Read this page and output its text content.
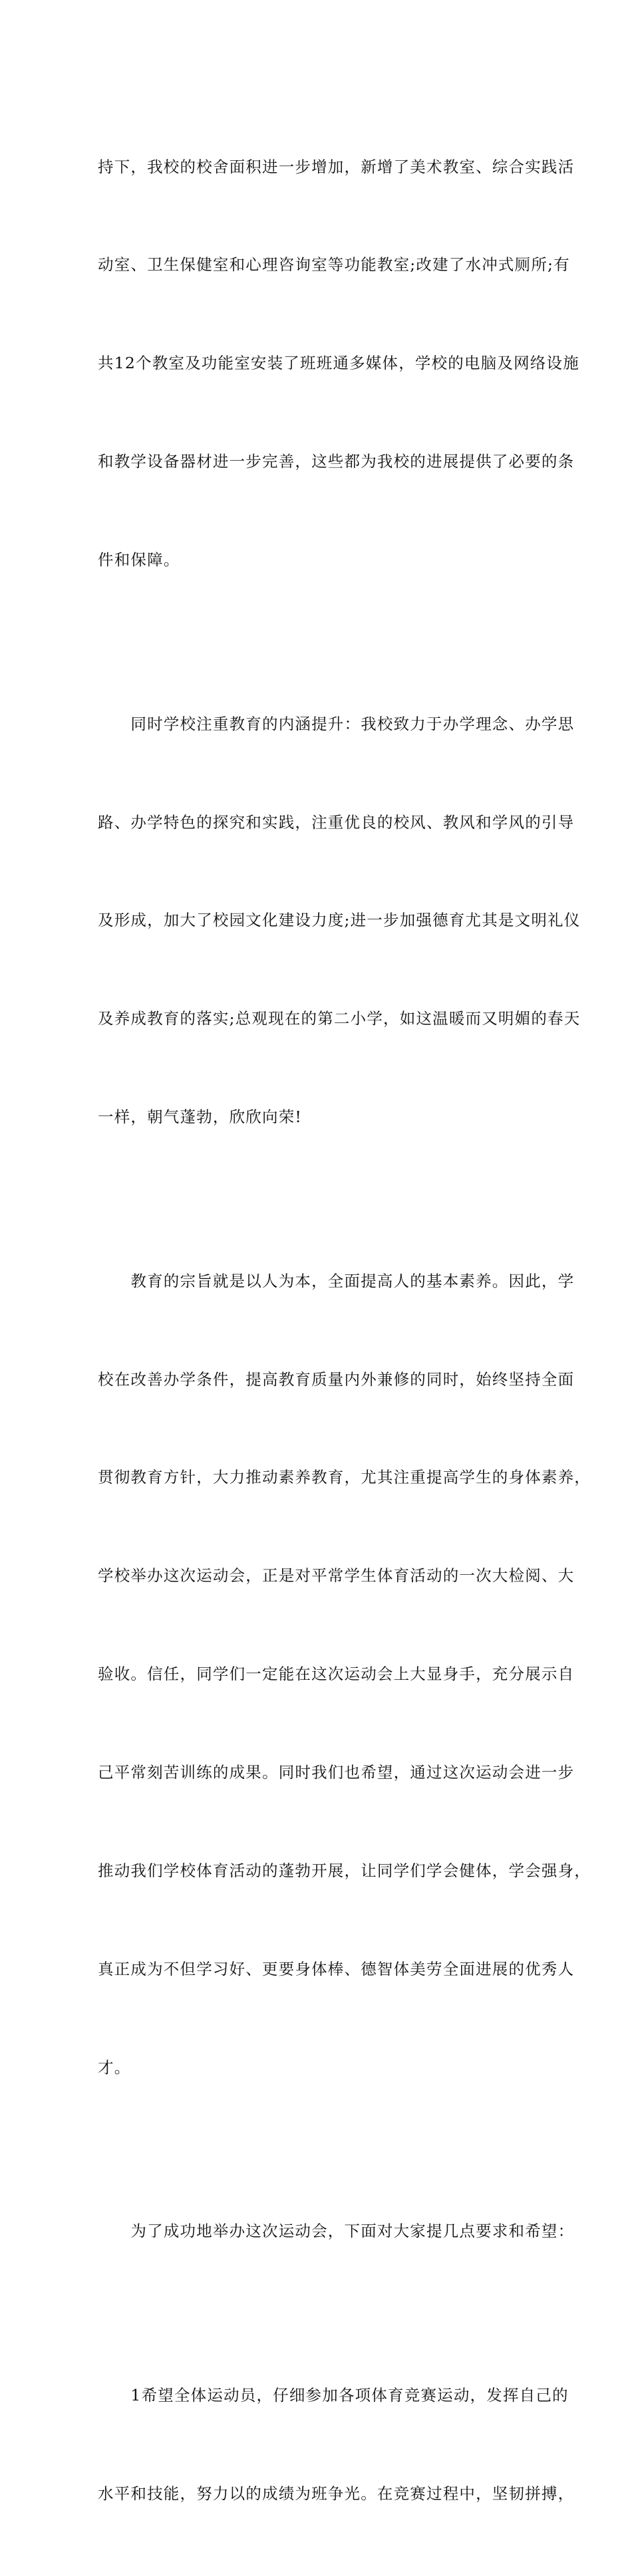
持下，我校的校舍面积进一步增加，新增了美术教室、综合实践活

动室、卫生保健室和心理咨询室等功能教室;改建了水冲式厕所;有

共12个教室及功能室安装了班班通多媒体，学校的电脑及网络设施

和教学设备器材进一步完善，这些都为我校的进展提供了必要的条

件和保障。

　　同时学校注重教育的内涵提升：我校致力于办学理念、办学思

路、办学特色的探究和实践，注重优良的校风、教风和学风的引导

及形成，加大了校园文化建设力度;进一步加强德育尤其是文明礼仪

及养成教育的落实;总观现在的第二小学，如这温暖而又明媚的春天

一样，朝气蓬勃，欣欣向荣!

　　教育的宗旨就是以人为本，全面提高人的基本素养。因此，学

校在改善办学条件，提高教育质量内外兼修的同时，始终坚持全面

贯彻教育方针，大力推动素养教育，尤其注重提高学生的身体素养，

学校举办这次运动会，正是对平常学生体育活动的一次大检阅、大

验收。信任，同学们一定能在这次运动会上大显身手，充分展示自

己平常刻苦训练的成果。同时我们也希望，通过这次运动会进一步

推动我们学校体育活动的蓬勃开展，让同学们学会健体，学会强身，

真正成为不但学习好、更要身体棒、德智体美劳全面进展的优秀人

才。

　　为了成功地举办这次运动会，下面对大家提几点要求和希望：

　　1希望全体运动员，仔细参加各项体育竞赛运动，发挥自己的

水平和技能，努力以的成绩为班争光。在竞赛过程中，坚韧拼搏，
